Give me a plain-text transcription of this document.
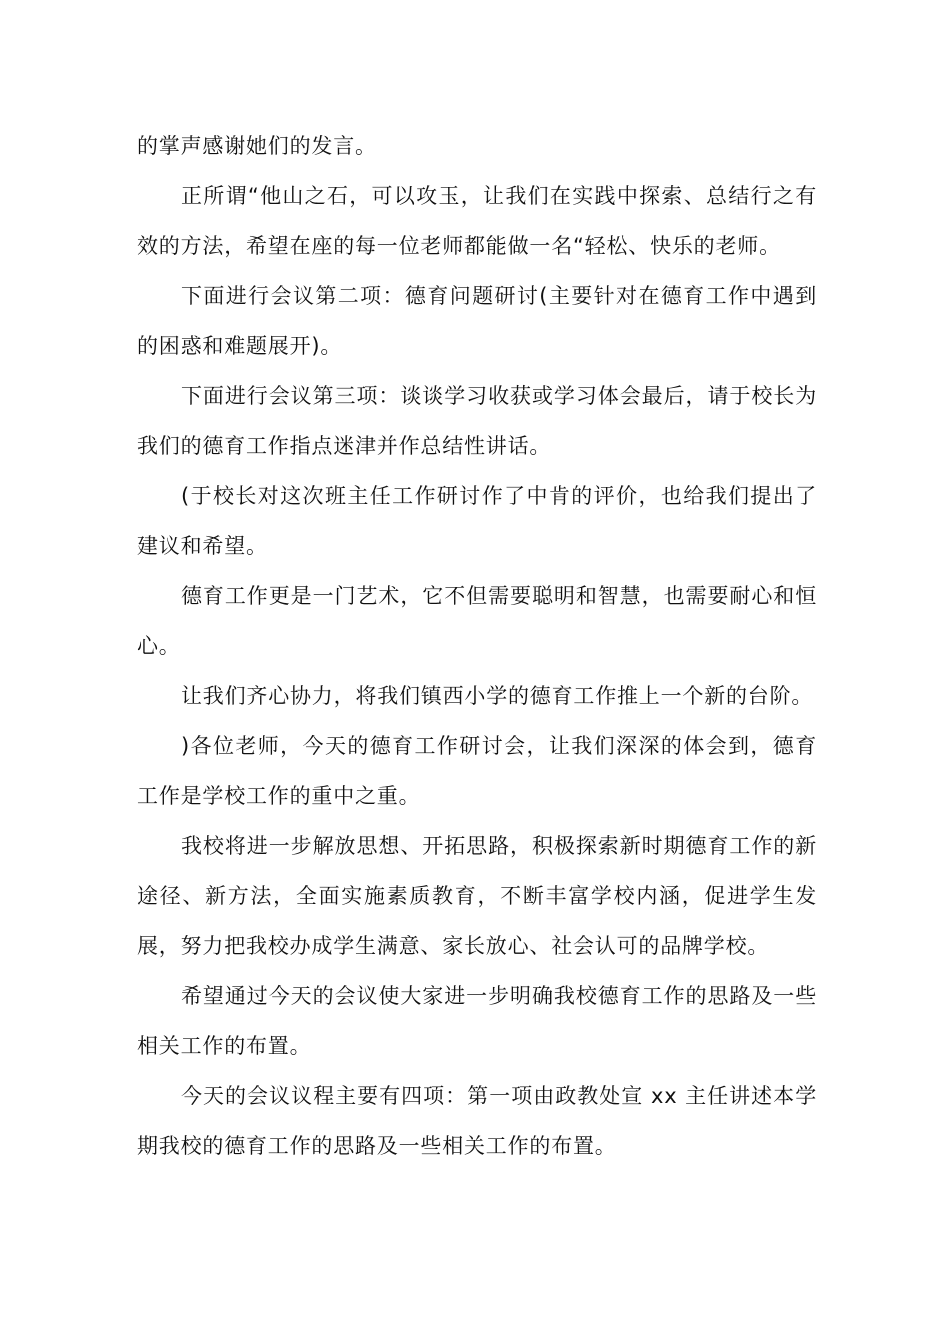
的掌声感谢她们的发言。

正所谓“他山之石，可以攻玉，让我们在实践中探索、总结行之有效的方法，希望在座的每一位老师都能做一名“轻松、快乐的老师。

下面进行会议第二项：德育问题研讨(主要针对在德育工作中遇到的困惑和难题展开)。

下面进行会议第三项：谈谈学习收获或学习体会最后，请于校长为我们的德育工作指点迷津并作总结性讲话。

(于校长对这次班主任工作研讨作了中肯的评价，也给我们提出了建议和希望。

德育工作更是一门艺术，它不但需要聪明和智慧，也需要耐心和恒心。

让我们齐心协力，将我们镇西小学的德育工作推上一个新的台阶。

)各位老师，今天的德育工作研讨会，让我们深深的体会到，德育工作是学校工作的重中之重。

我校将进一步解放思想、开拓思路，积极探索新时期德育工作的新途径、新方法，全面实施素质教育，不断丰富学校内涵，促进学生发展，努力把我校办成学生满意、家长放心、社会认可的品牌学校。

希望通过今天的会议使大家进一步明确我校德育工作的思路及一些相关工作的布置。

今天的会议议程主要有四项：第一项由政教处宣 xx 主任讲述本学期我校的德育工作的思路及一些相关工作的布置。
